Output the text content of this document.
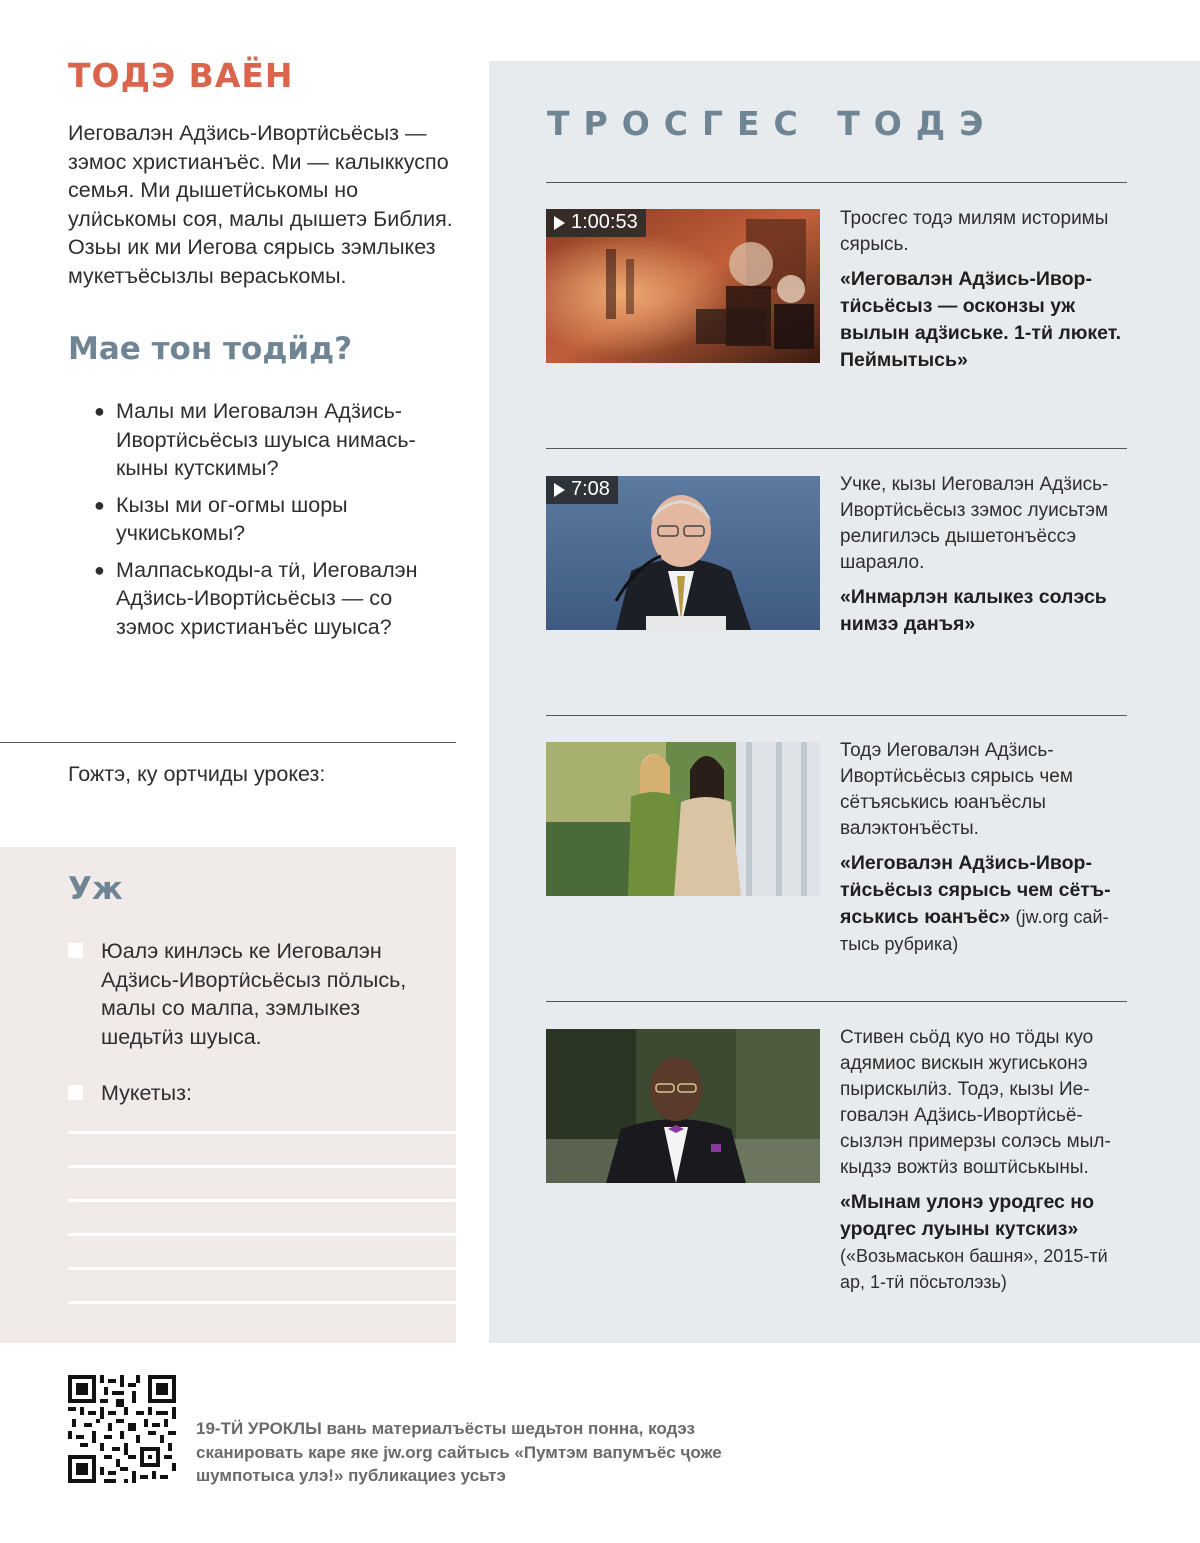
ТОДЭ ВАЁН

Иеговалэн Адӟись-Ивортӥсьёсыз — зэмос христианъёс. Ми — калыккуспо семья. Ми дышетӥськомы но улӥськомы соя, малы дышетэ Библия. Озьы ик ми Иегова сярысь зэмлыкез мукетъёсызлы вераськомы.

Мае тон тодӥд?
● Малы ми Иеговалэн Адӟись-Ивортӥсьёсыз шуыса нимаськыны кутскимы?
● Кызы ми ог-огмы шоры учкиськомы?
● Малпаськоды-а тӥ, Иеговалэн Адӟись-Ивортӥсьёсыз — со зэмос христианъёс шуыса?
Гожтэ, ку ортчиды урокез:
Уж
Юалэ кинлэсь ке Иеговалэн Адӟись-Ивортӥсьёсыз пӧлысь, малы со малпа, зэмлыкез шедьтӥз шуыса.
Мукетыз:
ТРОСГЕС ТОДЭ
1:00:53	Тросгес тодэ милям историмы сярысь.
«Иеговалэн Адӟись-Ивортӥсьёсыз — осконзы уж вылын адӟиське. 1-тӥ люкет. Пеймытысь»
7:08	Учке, кызы Иеговалэн Адӟись-Ивортӥсьёсыз зэмос луисьтэм религилэсь дышетонъёссэ шараяло.
«Инмарлэн калыкез солэсь нимзэ данъя»
Тодэ Иеговалэн Адӟись-Ивортӥсьёсыз сярысь чем сётъяськись юанъёслы валэктонъёсты.
«Иеговалэн Адӟись-Ивортӥсьёсыз сярысь чем сётъяськись юанъёс» (jw.org сайтысь рубрика)
Стивен сьӧд куо но тӧды куо адямиос вискын жугиськонэ пырискылӥз. Тодэ, кызы Иеговалэн Адӟись-Ивортӥсьёсызлэн примерзы солэсь мылкыдзэ вожтӥз воштӥськыны.
«Мынам улонэ уродгес но уродгес луыны кутскиз»
(«Возьмаськон башня», 2015-тӥ ар, 1-тӥ пӧсьтолэзь)

19-ТӤ УРОКЛЫ вань материалъёсты шедьтон понна, кодэз сканировать каре яке jw.org сайтысь «Пумтэм вапумъёс ҷоже шумпотыса улэ!» публикациез усьтэ
